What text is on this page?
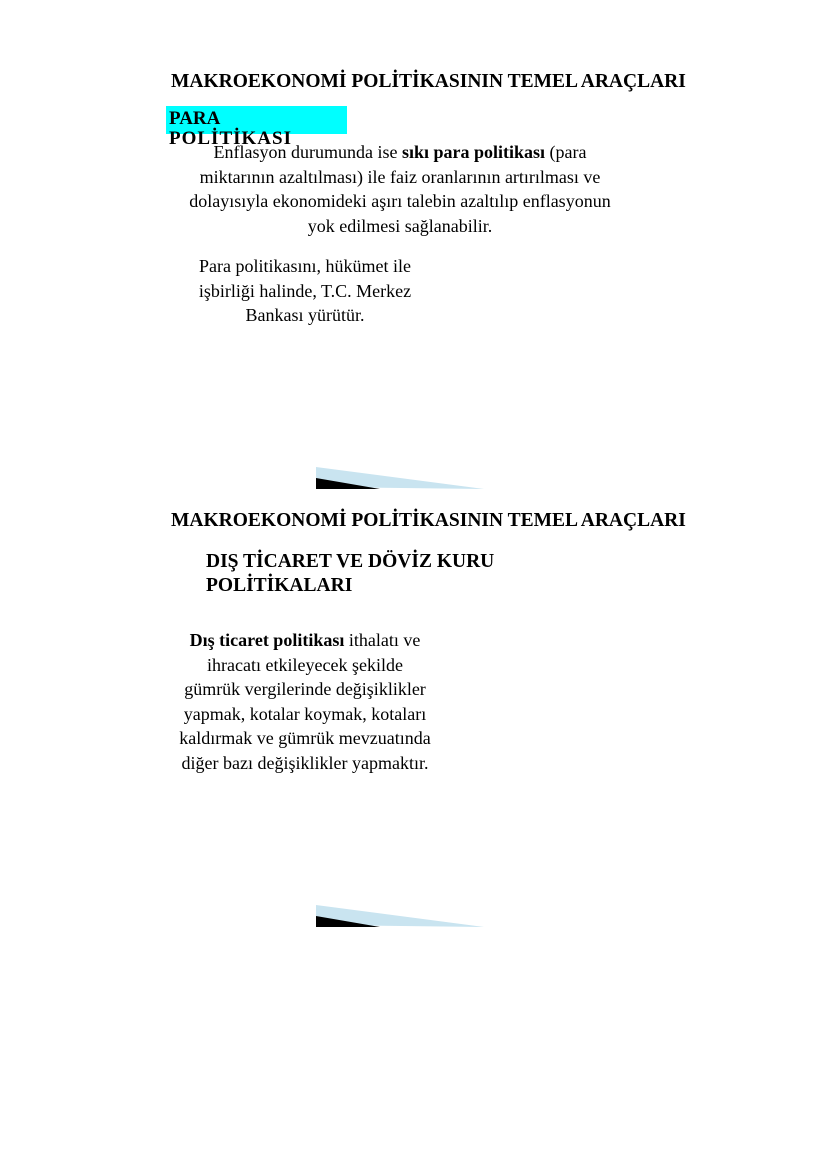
MAKROEKONOMİ POLİTİKASININ TEMEL ARAÇLARI
PARA
POLİTİKASI
Enflasyon durumunda ise sıkı para politikası (para
miktarının azaltılması) ile faiz oranlarının artırılması ve
dolayısıyla ekonomideki aşırı talebin azaltılıp enflasyonun
yok edilmesi sağlanabilir.
Para politikasını, hükümet ile
işbirliği halinde, T.C. Merkez
Bankası yürütür.
MAKROEKONOMİ POLİTİKASININ TEMEL ARAÇLARI
DIŞ TİCARET VE DÖVİZ KURU
POLİTİKALARI
Dış ticaret politikası ithalatı ve
ihracatı etkileyecek şekilde
gümrük vergilerinde değişiklikler
yapmak, kotalar koymak, kotaları
kaldırmak ve gümrük mevzuatında
diğer bazı değişiklikler yapmaktır.
